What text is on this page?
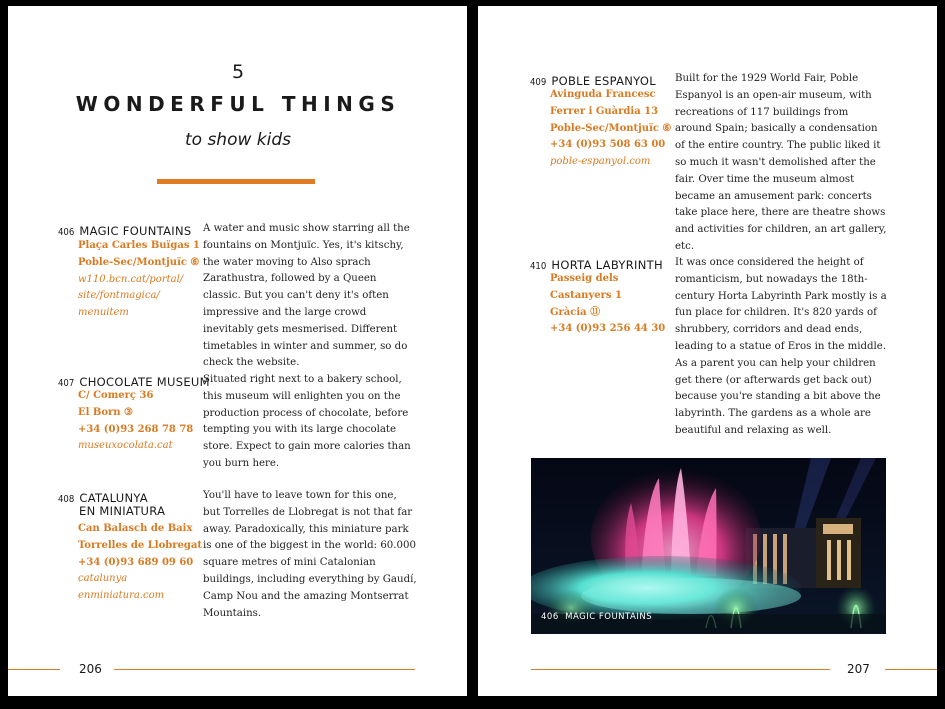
5
WONDERFUL THINGS
to show kids
406 MAGIC FOUNTAINS
Plaça Carles Buïgas 1
Poble-Sec/Montjuïc ⑥
w110.bcn.cat/portal/
site/fontmagica/
menuitem
A water and music show starring all the fountains on Montjuïc. Yes, it's kitschy, the water moving to Also sprach Zarathustra, followed by a Queen classic. But you can't deny it's often impressive and the large crowd inevitably gets mesmerised. Different timetables in winter and summer, so do check the website.
407 CHOCOLATE MUSEUM
C/ Comerç 36
El Born ③
+34 (0)93 268 78 78
museuxocolata.cat
Situated right next to a bakery school, this museum will enlighten you on the production process of chocolate, before tempting you with its large chocolate store. Expect to gain more calories than you burn here.
408 CATALUNYA
EN MINIATURA
Can Balasch de Baix
Torrelles de Llobregat
+34 (0)93 689 09 60
catalunya
enminiatura.com
You'll have to leave town for this one, but Torrelles de Llobregat is not that far away. Paradoxically, this miniature park is one of the biggest in the world: 60.000 square metres of mini Catalonian buildings, including everything by Gaudí, Camp Nou and the amazing Montserrat Mountains.
206
409 POBLE ESPANYOL
Avinguda Francesc
Ferrer i Guàrdia 13
Poble-Sec/Montjuïc ⑥
+34 (0)93 508 63 00
poble-espanyol.com
Built for the 1929 World Fair, Poble Espanyol is an open-air museum, with recreations of 117 buildings from around Spain; basically a condensation of the entire country. The public liked it so much it wasn't demolished after the fair. Over time the museum almost became an amusement park: concerts take place here, there are theatre shows and activities for children, an art gallery, etc.
410 HORTA LABYRINTH
Passeig dels
Castanyers 1
Gràcia ⑪
+34 (0)93 256 44 30
It was once considered the height of romanticism, but nowadays the 18th-century Horta Labyrinth Park mostly is a fun place for children. It's 820 yards of shrubbery, corridors and dead ends, leading to a statue of Eros in the middle. As a parent you can help your children get there (or afterwards get back out) because you're standing a bit above the labyrinth. The gardens as a whole are beautiful and relaxing as well.
406 MAGIC FOUNTAINS
207
